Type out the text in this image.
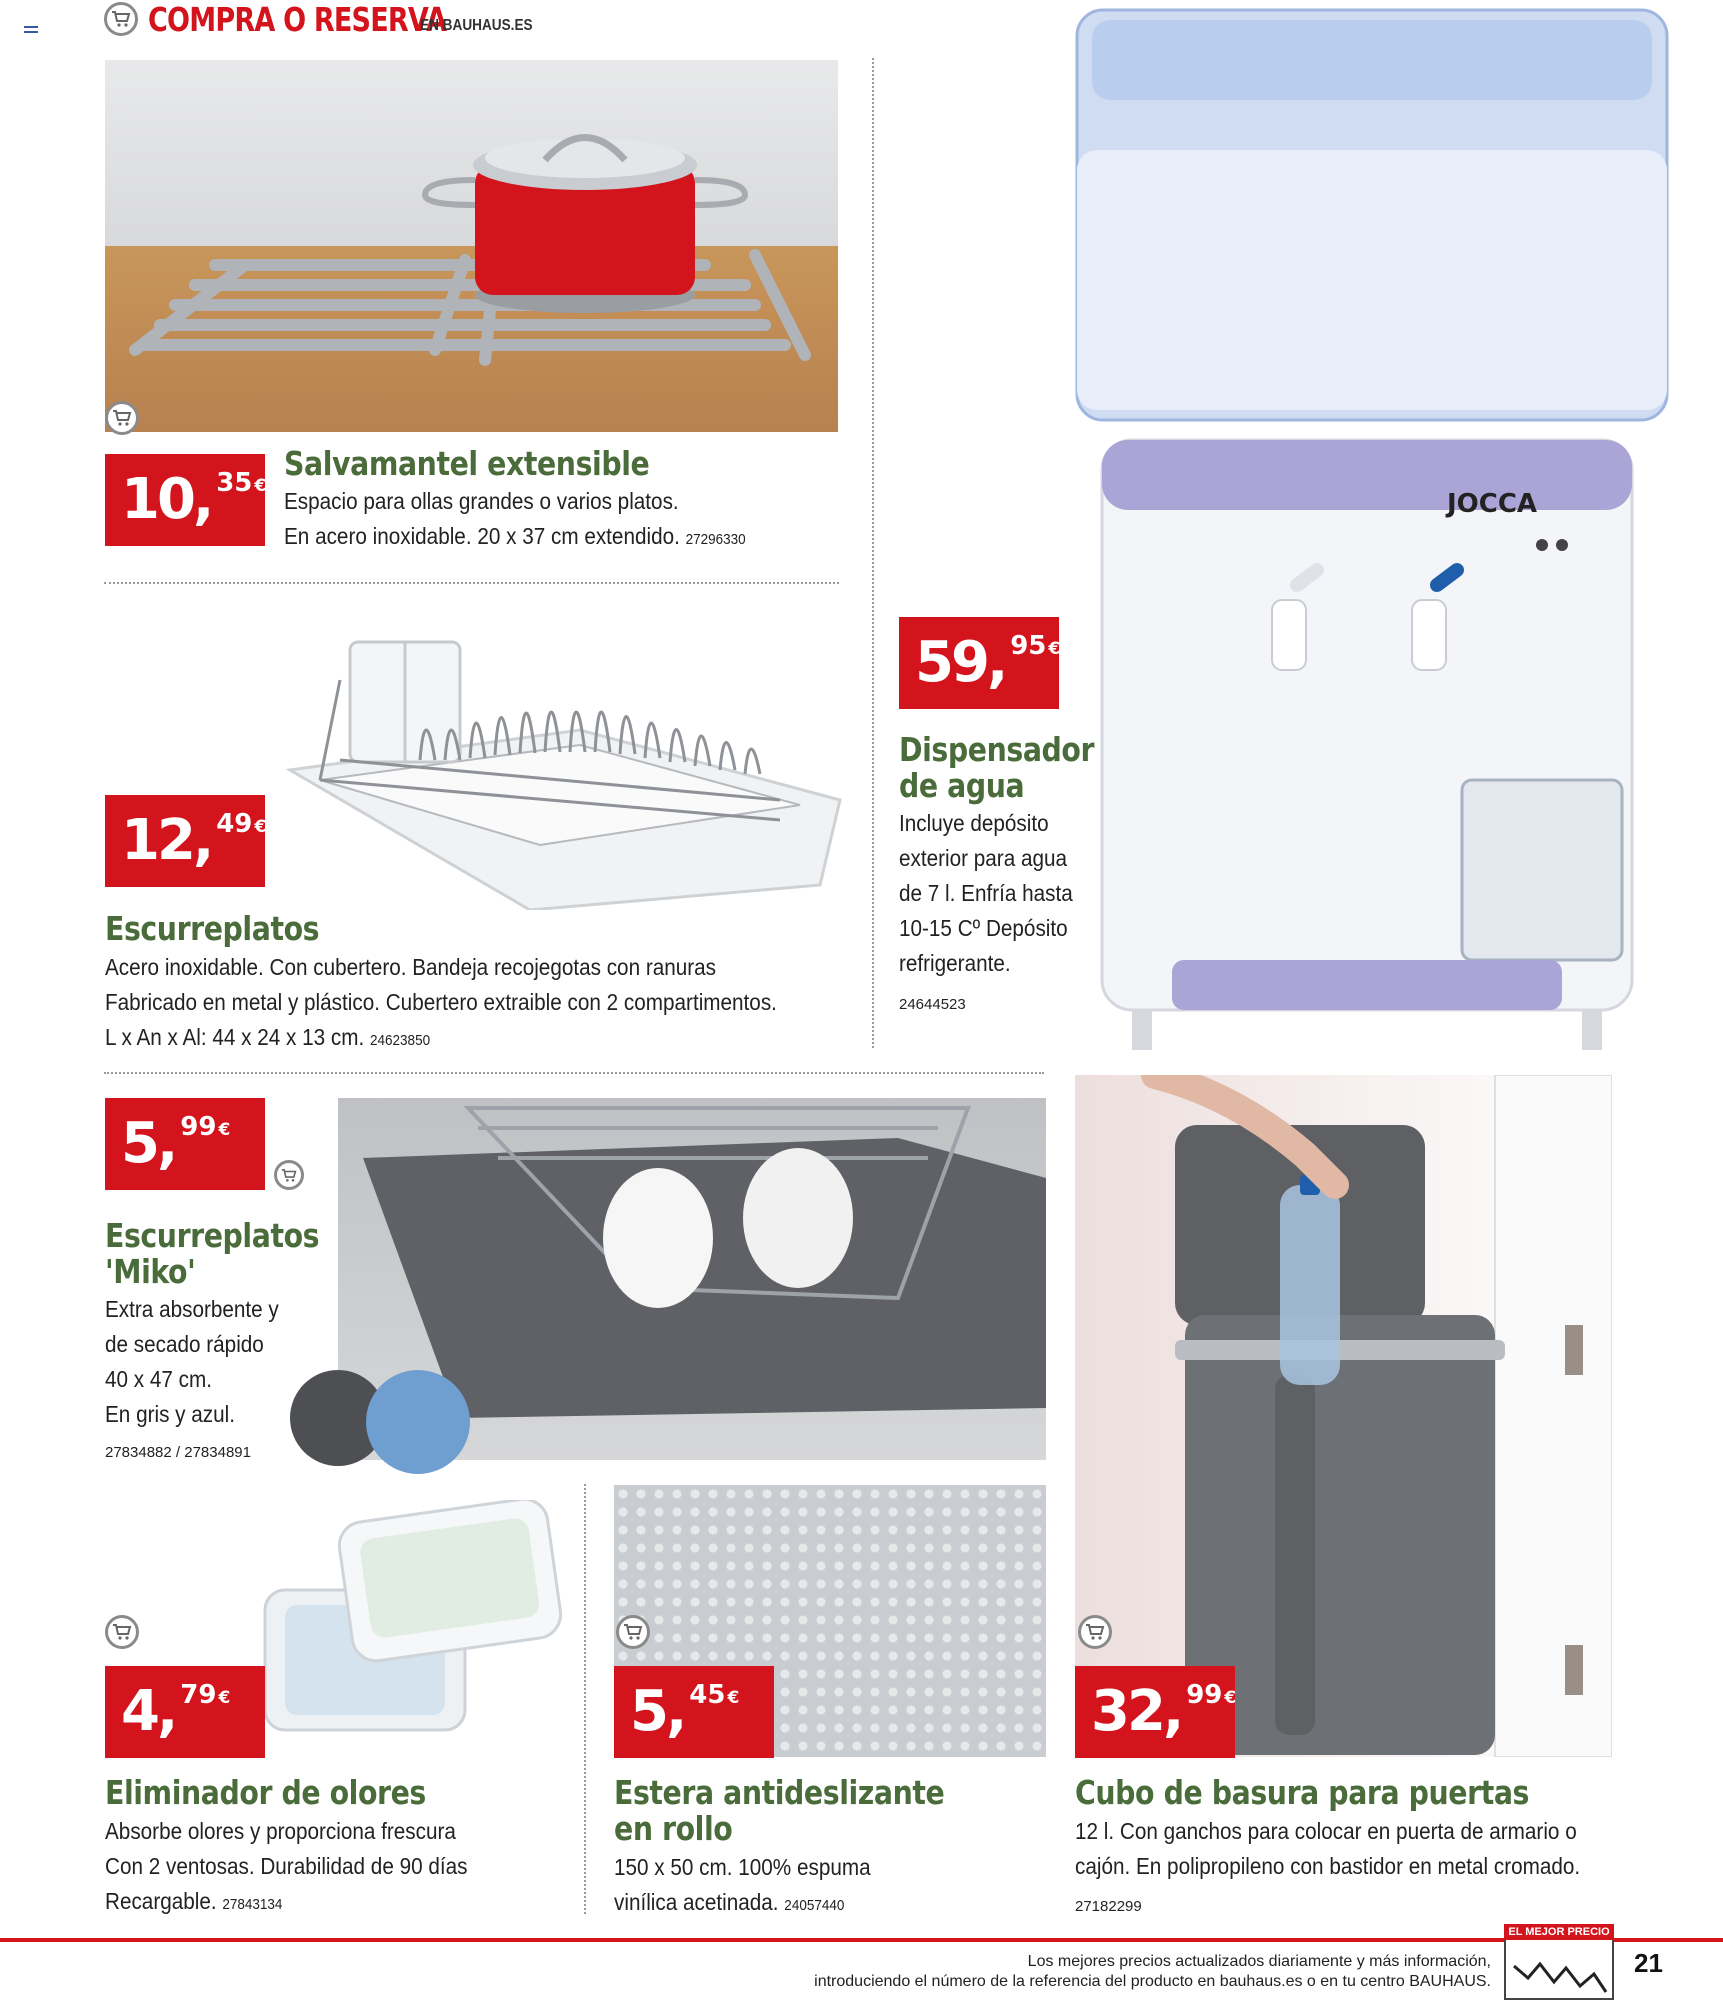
COMPRA O RESERVA
EN BAUHAUS.ES
10 , 35 €
Salvamantel extensible
Espacio para ollas grandes o varios platos.
En acero inoxidable. 20 x 37 cm extendido. 27296330
12 , 49 €
Escurreplatos
Acero inoxidable. Con cubertero. Bandeja recojegotas con ranuras
Fabricado en metal y plástico. Cubertero extraible con 2 compartimentos.
L x An x Al: 44 x 24 x 13 cm. 24623850
JOCCA
59 , 95 €
Dispensador
de agua
Incluye depósito
exterior para agua
de 7 l. Enfría hasta
10-15 Cº Depósito
refrigerante.
24644523
5 , 99 €
Escurreplatos
'Miko'
Extra absorbente y
de secado rápido
40 x 47 cm.
En gris y azul.
27834882 / 27834891
4 , 79 €
Eliminador de olores
Absorbe olores y proporciona frescura
Con 2 ventosas. Durabilidad de 90 días
Recargable. 27843134
5 , 45 €
Estera antideslizante
en rollo
150 x 50 cm. 100% espuma
vinílica acetinada. 24057440
32 , 99 €
Cubo de basura para puertas
12 l. Con ganchos para colocar en puerta de armario o
cajón. En polipropileno con bastidor en metal cromado.
27182299
Los mejores precios actualizados diariamente y más información,
introduciendo el número de la referencia del producto en bauhaus.es o en tu centro BAUHAUS.
EL MEJOR PRECIO
21
